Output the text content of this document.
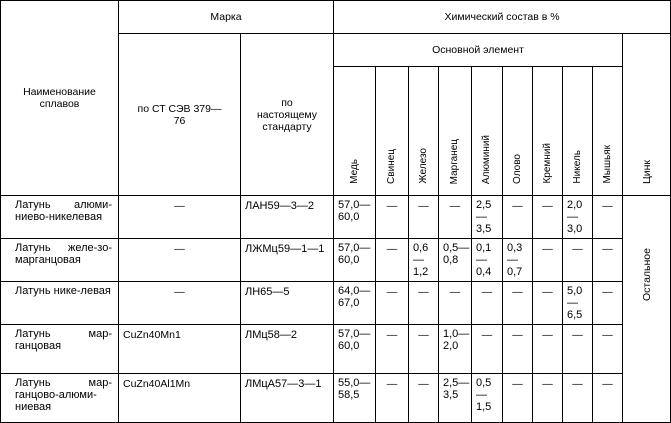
Наименование сплавов	Марка		Химический состав в %									
	по СТ СЭВ 379—76	по настоящему стандарту	Основной элемент									Цинк
			Медь	Свинец	Железо	Марганец	Алюминий	Олово	Кремний	Никель	Мышьяк	
Латунь алюми-ниево-никелевая	—	ЛАН59—3—2	57,0— 60,0	—	—	—	2,5— 3,5	—	—	2,0— 3,0	—	Остальное
Латунь желе-зо-марганцовая	—	ЛЖМц59—1—1	57,0— 60,0	—	0,6— 1,2	0,5— 0,8	0,1— 0,4	0,3— 0,7	—	—	—	
Латунь нике-левая	—	ЛН65—5	64,0— 67,0	—	—	—	—	—	—	5,0— 6,5	—	
Латунь мар-ганцовая	CuZn40Mn1	ЛМц58—2	57,0— 60,0	—	—	1,0— 2,0	—	—	—	—	—	
Латунь мар-ганцово-алюми-ниевая	CuZn40Al1Mn	ЛМцА57—3—1	55,0— 58,5	—	—	2,5— 3,5	0,5— 1,5	—	—	—	—	
